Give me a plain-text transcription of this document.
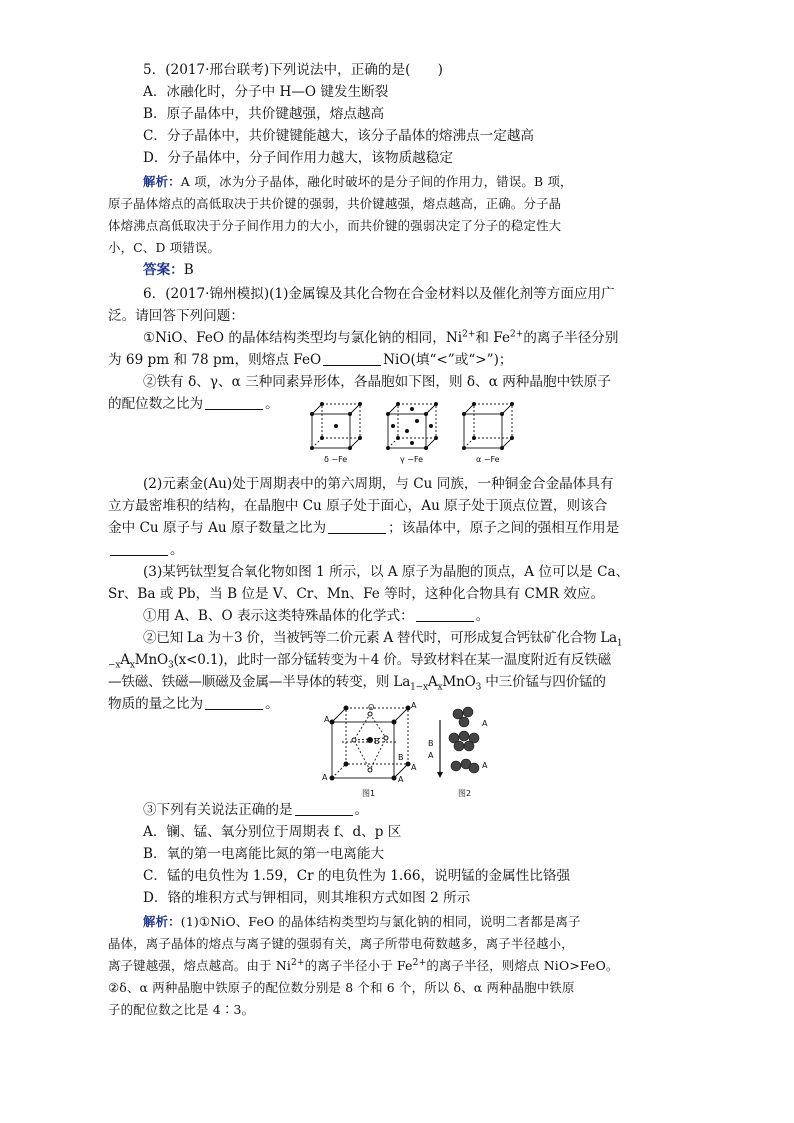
5．(2017·邢台联考)下列说法中，正确的是(　　)
A．冰融化时，分子中 H—O 键发生断裂
B．原子晶体中，共价键越强，熔点越高
C．分子晶体中，共价键键能越大，该分子晶体的熔沸点一定越高
D．分子晶体中，分子间作用力越大，该物质越稳定
解析：A 项，冰为分子晶体，融化时破坏的是分子间的作用力，错误。B 项，
原子晶体熔点的高低取决于共价键的强弱，共价键越强，熔点越高，正确。分子晶
体熔沸点高低取决于分子间作用力的大小，而共价键的强弱决定了分子的稳定性大
小，C、D 项错误。
答案：B
6．(2017·锦州模拟)(1)金属镍及其化合物在合金材料以及催化剂等方面应用广
泛。请回答下列问题：
①NiO、FeO 的晶体结构类型均与氯化钠的相同，$Ni^{2+}$和 $Fe^{2+}$的离子半径分别
为 69 pm 和 78 pm，则熔点 FeO	NiO(填“<”或“>”)；
②铁有 δ、γ、α 三种同素异形体，各晶胞如下图，则 δ、α 两种晶胞中铁原子
的配位数之比为	。
δ −Fe	γ −Fe	α −Fe
(2)元素金(Au)处于周期表中的第六周期，与 Cu 同族，一种铜金合金晶体具有
立方最密堆积的结构，在晶胞中 Cu 原子处于面心，Au 原子处于顶点位置，则该合
金中 Cu 原子与 Au 原子数量之比为	；该晶体中，原子之间的强相互作用是
。
(3)某钙钛型复合氧化物如图 1 所示，以 A 原子为晶胞的顶点，A 位可以是 Ca、
Sr、Ba 或 Pb，当 B 位是 V、Cr、Mn、Fe 等时，这种化合物具有 CMR 效应。
①用 A、B、O 表示这类特殊晶体的化学式：	。
②已知 La 为＋3 价，当被钙等二价元素 A 替代时，可形成复合钙钛矿化合物 $La_1$
$_{-x}A_xMnO_3(x<0.1)$，此时一部分锰转变为＋4 价。导致材料在某一温度附近有反铁磁
—铁磁、铁磁—顺磁及金属—半导体的转变，则 $La_{1-x}A_xMnO_3$ 中三价锰与四价锰的
物质的量之比为	。
A
A
A	A
B
O
B
A
图1
A
B
A
A
图2
③下列有关说法正确的是	。
A．镧、锰、氧分别位于周期表 f、d、p 区
B．氧的第一电离能比氮的第一电离能大
C．锰的电负性为 1.59，Cr 的电负性为 1.66，说明锰的金属性比铬强
D．铬的堆积方式与钾相同，则其堆积方式如图 2 所示
解析：(1)①NiO、FeO 的晶体结构类型均与氯化钠的相同，说明二者都是离子
晶体，离子晶体的熔点与离子键的强弱有关，离子所带电荷数越多，离子半径越小，
离子键越强，熔点越高。由于 $Ni^{2+}$的离子半径小于 $Fe^{2+}$的离子半径，则熔点 NiO>FeO。
②δ、α 两种晶胞中铁原子的配位数分别是 8 个和 6 个，所以 δ、α 两种晶胞中铁原
子的配位数之比是 4∶3。
